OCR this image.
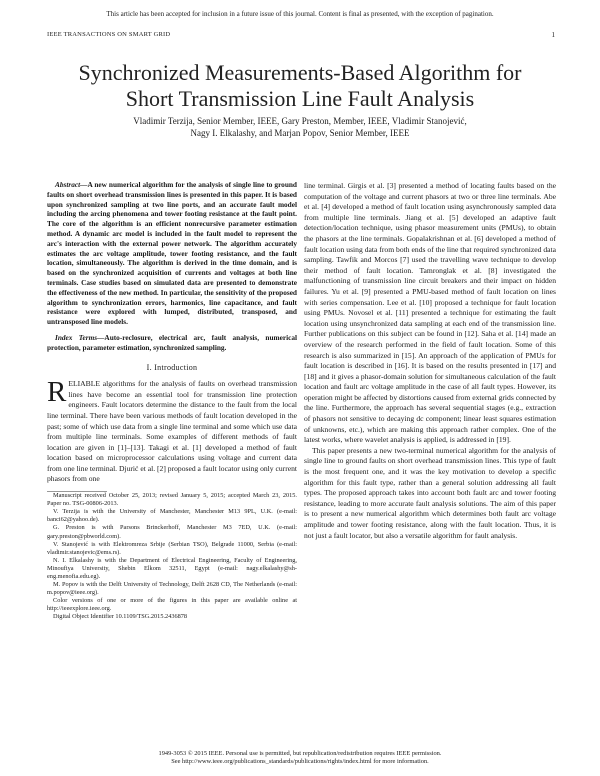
This article has been accepted for inclusion in a future issue of this journal. Content is final as presented, with the exception of pagination.
IEEE TRANSACTIONS ON SMART GRID	1
Synchronized Measurements-Based Algorithm for
Short Transmission Line Fault Analysis
Vladimir Terzija, Senior Member, IEEE, Gary Preston, Member, IEEE, Vladimir Stanojević,
Nagy I. Elkalashy, and Marjan Popov, Senior Member, IEEE

Abstract—A new numerical algorithm for the analysis of single line to ground faults on short overhead transmission lines is presented in this paper. It is based upon synchronized sampling at two line ports, and an accurate fault model including the arcing phenomena and tower footing resistance at the fault point. The core of the algorithm is an efficient nonrecursive parameter estimation method. A dynamic arc model is included in the fault model to represent the arc's interaction with the external power network. The algorithm accurately estimates the arc voltage amplitude, tower footing resistance, and the fault location, simultaneously. The algorithm is derived in the time domain, and is based on the synchronized acquisition of currents and voltages at both line terminals. Case studies based on simulated data are presented to demonstrate the effectiveness of the new method. In particular, the sensitivity of the proposed algorithm to synchronization errors, harmonics, line capacitance, and fault resistance were explored with lumped, distributed, transposed, and untransposed line models.

Index Terms—Auto-reclosure, electrical arc, fault analysis, numerical protection, parameter estimation, synchronized sampling.

I. Introduction

RELIABLE algorithms for the analysis of faults on overhead transmission lines have become an essential tool for transmission line protection engineers. Fault locators determine the distance to the fault from the local line terminal. There have been various methods of fault location developed in the past; some of which use data from a single line terminal and some which use data from multiple line terminals. Some examples of different methods of fault location are given in [1]–[13]. Takagi et al. [1] developed a method of fault location based on microprocessor calculations using voltage and current data from one line terminal. Djurić et al. [2] proposed a fault locator using only current phasors from one

Manuscript received October 25, 2013; revised January 5, 2015; accepted March 23, 2015. Paper no. TSG-00806-2013.

V. Terzija is with the University of Manchester, Manchester M13 9PL, U.K. (e-mail: banci62@yahoo.de).

G. Preston is with Parsons Brinckerhoff, Manchester M3 7ED, U.K. (e-mail: gary.preston@pbworld.com).

V. Stanojević is with Elektromreza Srbije (Serbian TSO), Belgrade 11000, Serbia (e-mail: vladimir.stanojevic@ems.rs).

N. I. Elkalashy is with the Department of Electrical Engineering, Faculty of Engineering, Minoufiya University, Shebin Elkom 32511, Egypt (e-mail: nagy.elkalashy@sh-eng.menofia.edu.eg).

M. Popov is with the Delft University of Technology, Delft 2628 CD, The Netherlands (e-mail: m.popov@ieee.org).

Color versions of one or more of the figures in this paper are available online at http://ieeexplore.ieee.org.

Digital Object Identifier 10.1109/TSG.2015.2436878

line terminal. Girgis et al. [3] presented a method of locating faults based on the computation of the voltage and current phasors at two or three line terminals. Abe et al. [4] developed a method of fault location using asynchronously sampled data from multiple line terminals. Jiang et al. [5] developed an adaptive fault detection/location technique, using phasor measurement units (PMUs), to obtain the phasors at the line terminals. Gopalakrishnan et al. [6] developed a method of fault location using data from both ends of the line that required synchronized data sampling. Tawfik and Morcos [7] used the travelling wave technique to develop their method of fault location. Tamronglak et al. [8] investigated the malfunctioning of transmission line circuit breakers and their impact on hidden failures. Yu et al. [9] presented a PMU-based method of fault location on lines with series compensation. Lee et al. [10] proposed a technique for fault location using PMUs. Novosel et al. [11] presented a technique for estimating the fault location using unsynchronized data sampling at each end of the transmission line. Further publications on this subject can be found in [12]. Saha et al. [14] made an overview of the research performed in the field of fault location. Some of this research is also summarized in [15]. An approach of the application of PMUs for fault location is described in [16]. It is based on the results presented in [17] and [18] and it gives a phasor-domain solution for simultaneous calculation of the fault location and fault arc voltage amplitude in the case of all fault types. However, its operation might be affected by distortions caused from external grids connected by the line. Furthermore, the approach has several sequential stages (e.g., extraction of phasors not sensitive to decaying dc component; linear least squares estimation of unknowns, etc.), which are making this approach rather complex. One of the latest works, where wavelet analysis is applied, is addressed in [19].

This paper presents a new two-terminal numerical algorithm for the analysis of single line to ground faults on short overhead transmission lines. This type of fault is the most frequent one, and it was the key motivation to develop a specific algorithm for this fault type, rather than a general solution addressing all fault types. The proposed approach takes into account both fault arc and tower footing resistance, leading to more accurate fault analysis solutions. The aim of this paper is to present a new numerical algorithm which determines both fault arc voltage amplitude and tower footing resistance, along with the fault location. Thus, it is not just a fault locator, but also a versatile algorithm for fault analysis.

1949-3053 © 2015 IEEE. Personal use is permitted, but republication/redistribution requires IEEE permission.
See http://www.ieee.org/publications_standards/publications/rights/index.html for more information.
